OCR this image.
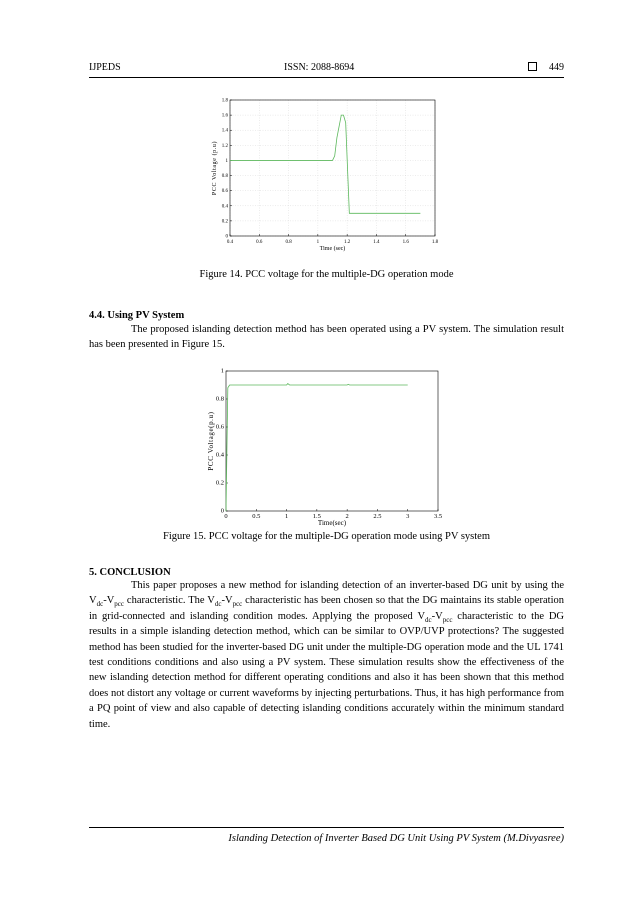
IJPEDS	ISSN: 2088-8694	449
0.4	0.6	0.8	1	1.2	1.4	1.6	1.8
0
0.2
0.4
0.6
0.8
1
1.2
1.4
1.6
1.8
Time (sec)
PCC Voltage (p.u)
Figure 14. PCC voltage for the multiple-DG operation mode
4.4. Using PV System

The proposed islanding detection method has been operated using a PV system. The simulation result has been presented in Figure 15.

0	0.5	1	1.5	2	2.5	3	3.5
0
0.2
0.4
0.6
0.8
1
Time(sec)
PCC Voltage(p.u)
Figure 15. PCC voltage for the multiple-DG operation mode using PV system
5. CONCLUSION

This paper proposes a new method for islanding detection of an inverter-based DG unit by using the $V_{dc}-V_{pcc}$ characteristic. The $V_{dc}-V_{pcc}$ characteristic has been chosen so that the DG maintains its stable operation in grid-connected and islanding condition modes. Applying the proposed $V_{dc}-V_{pcc}$ characteristic to the DG results in a simple islanding detection method, which can be similar to OVP/UVP protections? The suggested method has been studied for the inverter-based DG unit under the multiple-DG operation mode and the UL 1741 test conditions conditions and also using a PV system. These simulation results show the effectiveness of the new islanding detection method for different operating conditions and also it has been shown that this method does not distort any voltage or current waveforms by injecting perturbations. Thus, it has high performance from a PQ point of view and also capable of detecting islanding conditions accurately within the minimum standard time.

Islanding Detection of Inverter Based DG Unit Using PV System (M.Divyasree)
